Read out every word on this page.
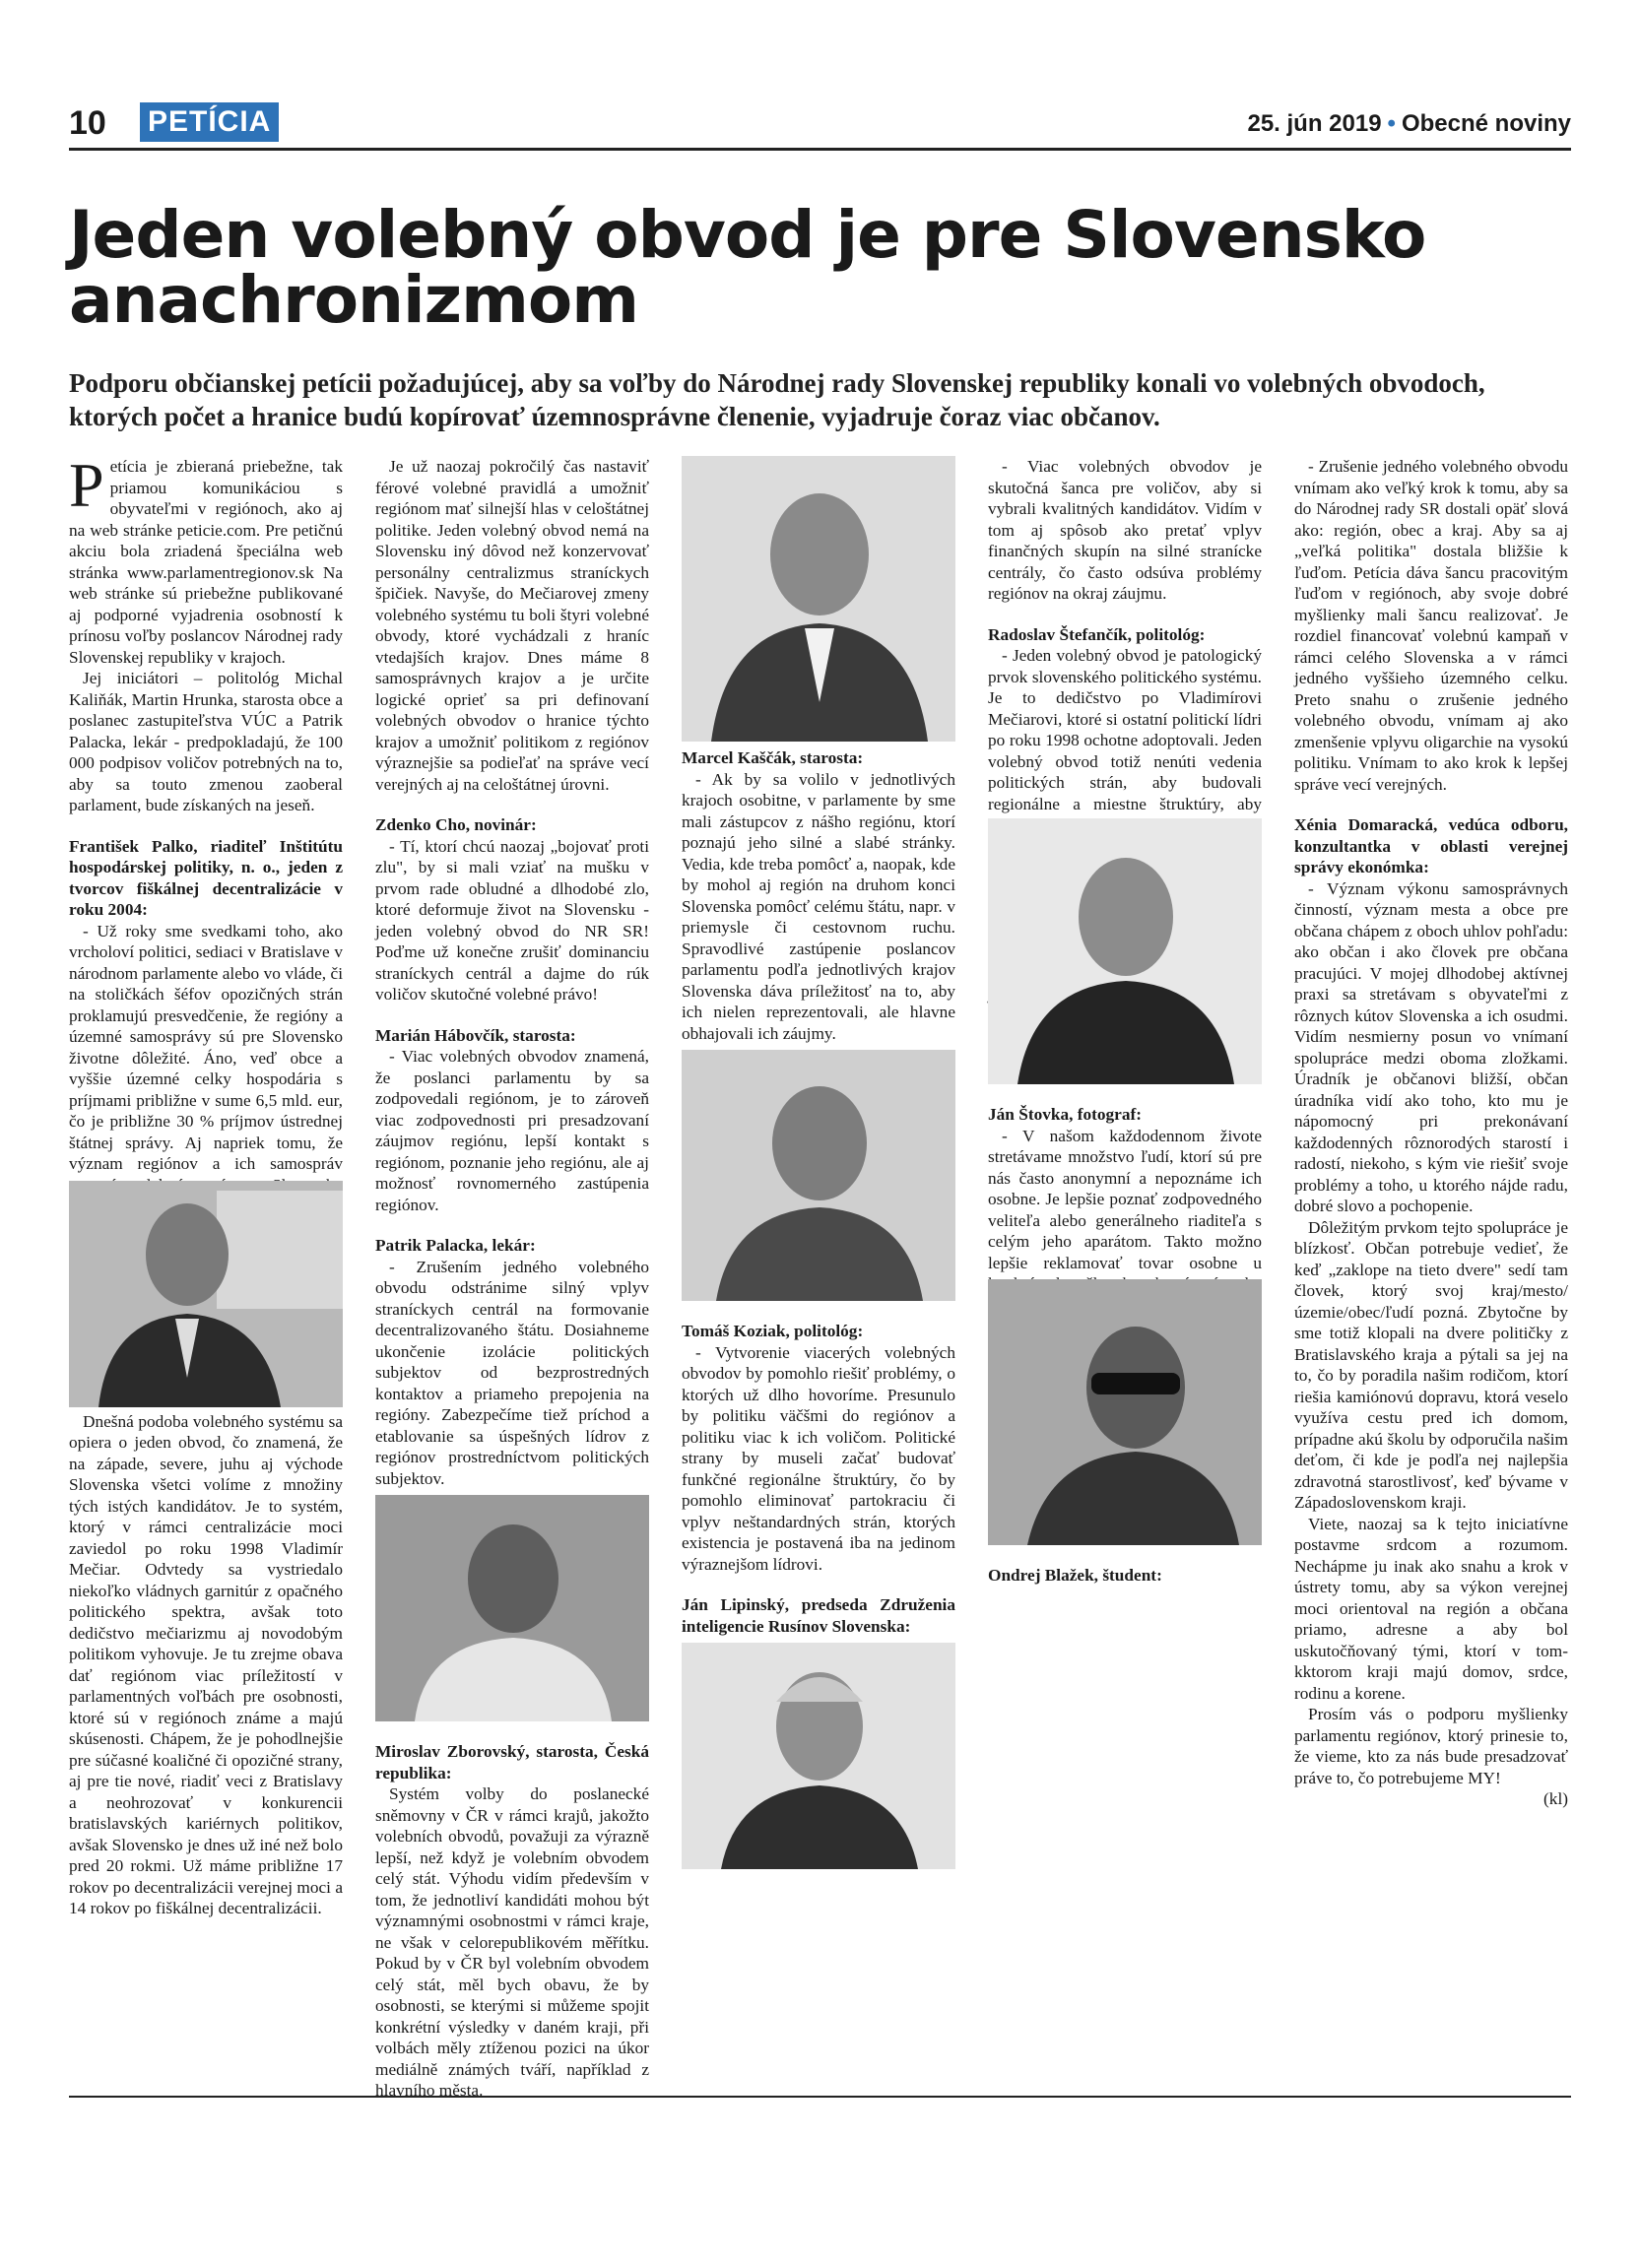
10 PETÍCIA	25. jún 2019 • Obecné noviny
Jeden volebný obvod je pre Slovensko anachronizmom

Podporu občianskej petícii požadujúcej, aby sa voľby do Národnej rady Slovenskej republiky konali vo volebných obvodoch, ktorých počet a hranice budú kopírovať územnosprávne členenie, vyjadruje čoraz viac občanov.

Petícia je zbieraná priebežne, tak priamou komunikáciou s obyvateľmi v regiónoch, ako aj na web stránke peticie.com. Pre petičnú akciu bola zriadená špeciálna web stránka www.parlamentregionov.sk Na web stránke sú priebežne publikované aj podporné vyjadrenia osobností k prínosu voľby poslancov Národnej rady Slovenskej republiky v krajoch.

Jej iniciátori – politológ Michal Kaliňák, Martin Hrunka, starosta obce a poslanec zastupiteľstva VÚC a Patrik Palacka, lekár - predpokladajú, že 100 000 podpisov voličov potrebných na to, aby sa touto zmenou zaoberal parlament, bude získaných na jeseň.

František Palko, riaditeľ Inštitútu hospodárskej politiky, n. o., jeden z tvorcov fiškálnej decentralizácie v roku 2004:

- Už roky sme svedkami toho, ako vrcholoví politici, sediaci v Bratislave v národnom parlamente alebo vo vláde, či na stoličkách šéfov opozičných strán proklamujú presvedčenie, že regióny a územné samosprávy sú pre Slovensko životne dôležité. Áno, veď obce a vyššie územné celky hospodária s príjmami približne v sume 6,5 mld. eur, čo je približne 30 % príjmov ústrednej štátnej správy. Aj napriek tomu, že význam regiónov a ich samospráv

Dnešná podoba volebného systému sa opiera o jeden obvod, čo znamená, že na západe, severe, juhu aj východe Slovenska všetci volíme z množiny tých istých kandidátov. Je to systém, ktorý v rámci centralizácie moci zaviedol po roku 1998 Vladimír Mečiar. Odvtedy sa vystriedalo niekoľko vládnych garnitúr z opačného politického spektra, avšak toto dedičstvo mečiarizmu aj novodobým politikom vyhovuje. Je tu zrejme obava dať regiónom viac príležitostí v parlamentných voľbách pre osobnosti, ktoré sú v regiónoch známe a majú skúsenosti. Chápem, že je pohodlnejšie pre súčasné koaličné či opozičné strany, aj pre tie nové, riadiť veci z Bratislavy a neohrozovať v konkurencii bratislavských kariérnych politikov, avšak Slovensko je dnes už iné než bolo pred 20 rokmi. Už máme približne 17 rokov po decentralizácii verejnej moci a 14 rokov po fiškálnej decentralizácii.

Je už naozaj pokročilý čas nastaviť férové volebné pravidlá a umožniť regiónom mať silnejší hlas v celoštátnej politike. Jeden volebný obvod nemá na Slovensku iný dôvod než konzervovať personálny centralizmus straníckych špičiek. Navyše, do Mečiarovej zmeny volebného systému tu boli štyri volebné obvody, ktoré vychádzali z hraníc vtedajších krajov. Dnes máme 8 samosprávnych krajov a je určite logické oprieť sa pri definovaní volebných obvodov o hranice týchto krajov a umožniť politikom z regiónov výraznejšie sa podieľať na správe vecí verejných aj na celoštátnej úrovni.

Zdenko Cho, novinár:

- Tí, ktorí chcú naozaj „bojovať proti zlu", by si mali vziať na mušku v prvom rade obludné a dlhodobé zlo, ktoré deformuje život na Slovensku - jeden volebný obvod do NR SR! Poďme už konečne zrušiť dominanciu straníckych centrál a dajme do rúk voličov skutočné volebné právo!

Marián Hábovčík, starosta:

- Viac volebných obvodov znamená, že poslanci parlamentu by sa zodpovedali regiónom, je to zároveň viac zodpovednosti pri presadzovaní záujmov regiónu, lepší kontakt s regiónom, poznanie jeho regiónu, ale aj možnosť rovnomerného zastúpenia regiónov.

Patrik Palacka, lekár:

- Zrušením jedného volebného obvodu odstránime silný vplyv straníckych centrál na formovanie decentralizovaného štátu. Dosiahneme ukončenie izolácie politických subjektov od bezprostredných kontaktov a priameho prepojenia na regióny. Zabezpečíme tiež príchod a etablovanie sa úspešných lídrov z regiónov prostredníctvom politických subjektov.

Miroslav Zborovský, starosta, Česká republika:

Systém volby do poslanecké sněmovny v ČR v rámci krajů, jakožto volebních obvodů, považuji za výrazně lepší, než když je volebním obvodem celý stát. Výhodu vidím především v tom, že jednotliví kandidáti mohou být významnými osobnostmi v rámci kraje, ne však v celorepublikovém měřítku. Pokud by v ČR byl volebním obvodem celý stát, měl bych obavu, že by osobnosti, se kterými si můžeme spojit konkrétní výsledky v daném kraji, při volbách měly ztíženou pozici na úkor mediálně známých tváří, například z hlavního města.

Marcel Kaščák, starosta:

- Ak by sa volilo v jednotlivých krajoch osobitne, v parlamente by sme mali zástupcov z nášho regiónu, ktorí poznajú jeho silné a slabé stránky. Vedia, kde treba pomôcť a, naopak, kde by mohol aj región na druhom konci Slovenska pomôcť celému štátu, napr. v priemysle či cestovnom ruchu. Spravodlivé zastúpenie poslancov parlamentu podľa jednotlivých krajov Slovenska dáva príležitosť na to, aby ich nielen reprezentovali, ale hlavne obhajovali ich záujmy.

Tomáš Koziak, politológ:

- Vytvorenie viacerých volebných obvodov by pomohlo riešiť problémy, o ktorých už dlho hovoríme. Presunulo by politiku väčšmi do regiónov a politiku viac k ich voličom. Politické strany by museli začať budovať funkčné regionálne štruktúry, čo by pomohlo eliminovať partokraciu či vplyv neštandardných strán, ktorých existencia je postavená iba na jedinom výraznejšom lídrovi.

Ján Lipinský, predseda Združenia inteligencie Rusínov Slovenska:

- Viac volebných obvodov je skutočná šanca pre voličov, aby si vybrali kvalitných kandidátov. Vidím v tom aj spôsob ako pretať vplyv finančných skupín na silné stranícke centrály, čo často odsúva problémy regiónov na okraj záujmu.

Radoslav Štefančík, politológ:

- Jeden volebný obvod je patologický prvok slovenského politického systému. Je to dedičstvo po Vladimírovi Mečiarovi, ktoré si ostatní politickí lídri po roku 1998 ochotne adoptovali. Jeden volebný obvod totiž nenúti vedenia politických strán, aby budovali regionálne a miestne štruktúry, aby

Ján Štovka, fotograf:

- V našom každodennom živote stretávame množstvo ľudí, ktorí sú pre nás často anonymní a nepoznáme ich osobne. Je lepšie poznať zodpovedného veliteľa alebo generálneho riaditeľa s celým jeho aparátom. Takto možno lepšie reklamovať tovar osobne u

Ondrej Blažek, študent:

- Zrušenie jedného volebného obvodu vnímam ako veľký krok k tomu, aby sa do Národnej rady SR dostali opäť slová ako: región, obec a kraj. Aby sa aj „veľká politika" dostala bližšie k ľuďom. Petícia dáva šancu pracovitým ľuďom v regiónoch, aby svoje dobré myšlienky mali šancu realizovať. Je rozdiel financovať volebnú kampaň v rámci celého Slovenska a v rámci jedného vyššieho územného celku. Preto snahu o zrušenie jedného volebného obvodu, vnímam aj ako zmenšenie vplyvu oligarchie na vysokú politiku. Vnímam to ako krok k lepšej správe vecí verejných.

Xénia Domaracká, vedúca odboru, konzultantka v oblasti verejnej správy ekonómka:

- Význam výkonu samosprávnych činností, význam mesta a obce pre občana chápem z oboch uhlov pohľadu: ako občan i ako človek pre občana pracujúci. V mojej dlhodobej aktívnej praxi sa stretávam s obyvateľmi z rôznych kútov Slovenska a ich osudmi. Vidím nesmierny posun vo vnímaní spolupráce medzi oboma zložkami. Úradník je občanovi bližší, občan úradníka vidí ako toho, kto mu je nápomocný pri prekonávaní každodenných rôznorodých starostí i radostí, niekoho, s kým vie riešiť svoje problémy a toho, u ktorého nájde radu, dobré slovo a pochopenie.

Dôležitým prvkom tejto spolupráce je blízkosť. Občan potrebuje vedieť, že keď „zaklope na tieto dvere" sedí tam človek, ktorý svoj kraj/mesto/územie/obec/ľudí pozná. Zbytočne by sme totiž klopali na dvere političky z Bratislavského kraja a pýtali sa jej na to, čo by poradila našim rodičom, ktorí riešia kamiónovú dopravu, ktorá veselo využíva cestu pred ich domom, prípadne akú školu by odporučila našim deťom, či kde je podľa nej najlepšia zdravotná starostlivosť, keď bývame v Západoslovenskom kraji.

Viete, naozaj sa k tejto iniciatívne postavme srdcom a rozumom. Nechápme ju inak ako snahu a krok v ústrety tomu, aby sa výkon verejnej moci orientoval na región a občana priamo, adresne a aby bol uskutočňovaný tými, ktorí v tom-kktorom kraji majú domov, srdce, rodinu a korene.

Prosím vás o podporu myšlienky parlamentu regiónov, ktorý prinesie to, že vieme, kto za nás bude presadzovať práve to, čo potrebujeme MY!

(kl)
